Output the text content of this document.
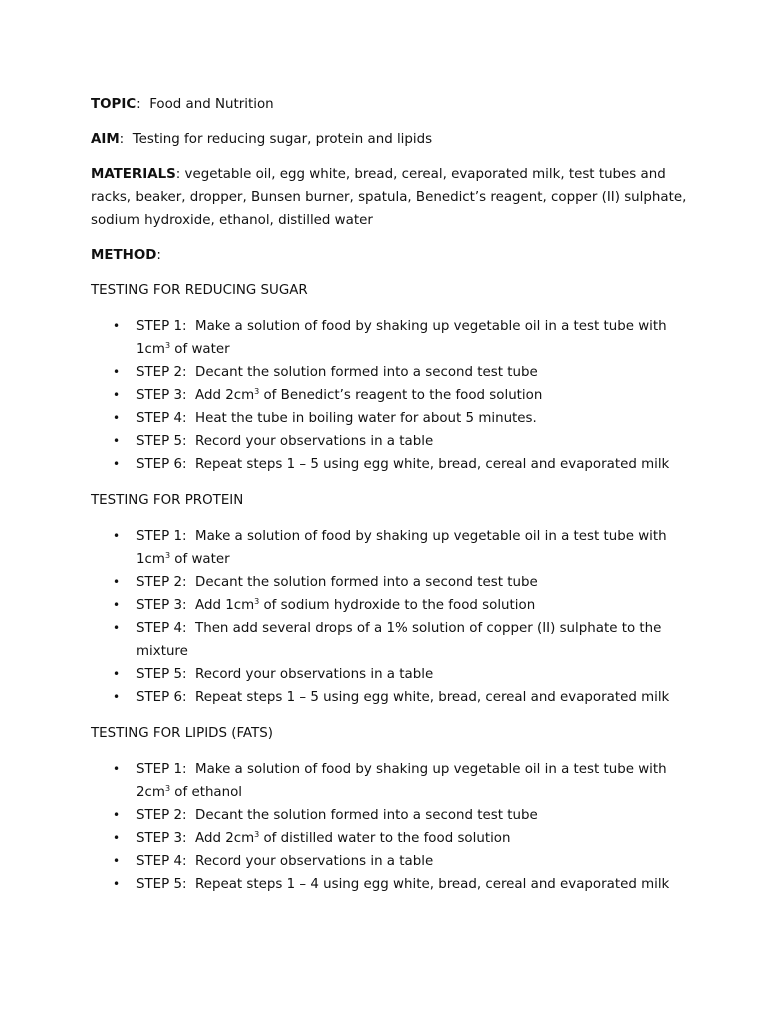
TOPIC:  Food and Nutrition

AIM:  Testing for reducing sugar, protein and lipids

MATERIALS: vegetable oil, egg white, bread, cereal, evaporated milk, test tubes and racks, beaker, dropper, Bunsen burner, spatula, Benedict’s reagent, copper (II) sulphate, sodium hydroxide, ethanol, distilled water

METHOD:

TESTING FOR REDUCING SUGAR

• STEP 1: Make a solution of food by shaking up vegetable oil in a test tube with $1cm^3$ of water
• STEP 2: Decant the solution formed into a second test tube
• STEP 3: Add $2cm^3$ of Benedict’s reagent to the food solution
• STEP 4: Heat the tube in boiling water for about 5 minutes.
• STEP 5: Record your observations in a table
• STEP 6: Repeat steps 1 – 5 using egg white, bread, cereal and evaporated milk

TESTING FOR PROTEIN

• STEP 1: Make a solution of food by shaking up vegetable oil in a test tube with $1cm^3$ of water
• STEP 2: Decant the solution formed into a second test tube
• STEP 3: Add $1cm^3$ of sodium hydroxide to the food solution
• STEP 4: Then add several drops of a 1% solution of copper (II) sulphate to the mixture
• STEP 5: Record your observations in a table
• STEP 6: Repeat steps 1 – 5 using egg white, bread, cereal and evaporated milk

TESTING FOR LIPIDS (FATS)

• STEP 1: Make a solution of food by shaking up vegetable oil in a test tube with $2cm^3$ of ethanol
• STEP 2: Decant the solution formed into a second test tube
• STEP 3: Add $2cm^3$ of distilled water to the food solution
• STEP 4: Record your observations in a table
• STEP 5: Repeat steps 1 – 4 using egg white, bread, cereal and evaporated milk
